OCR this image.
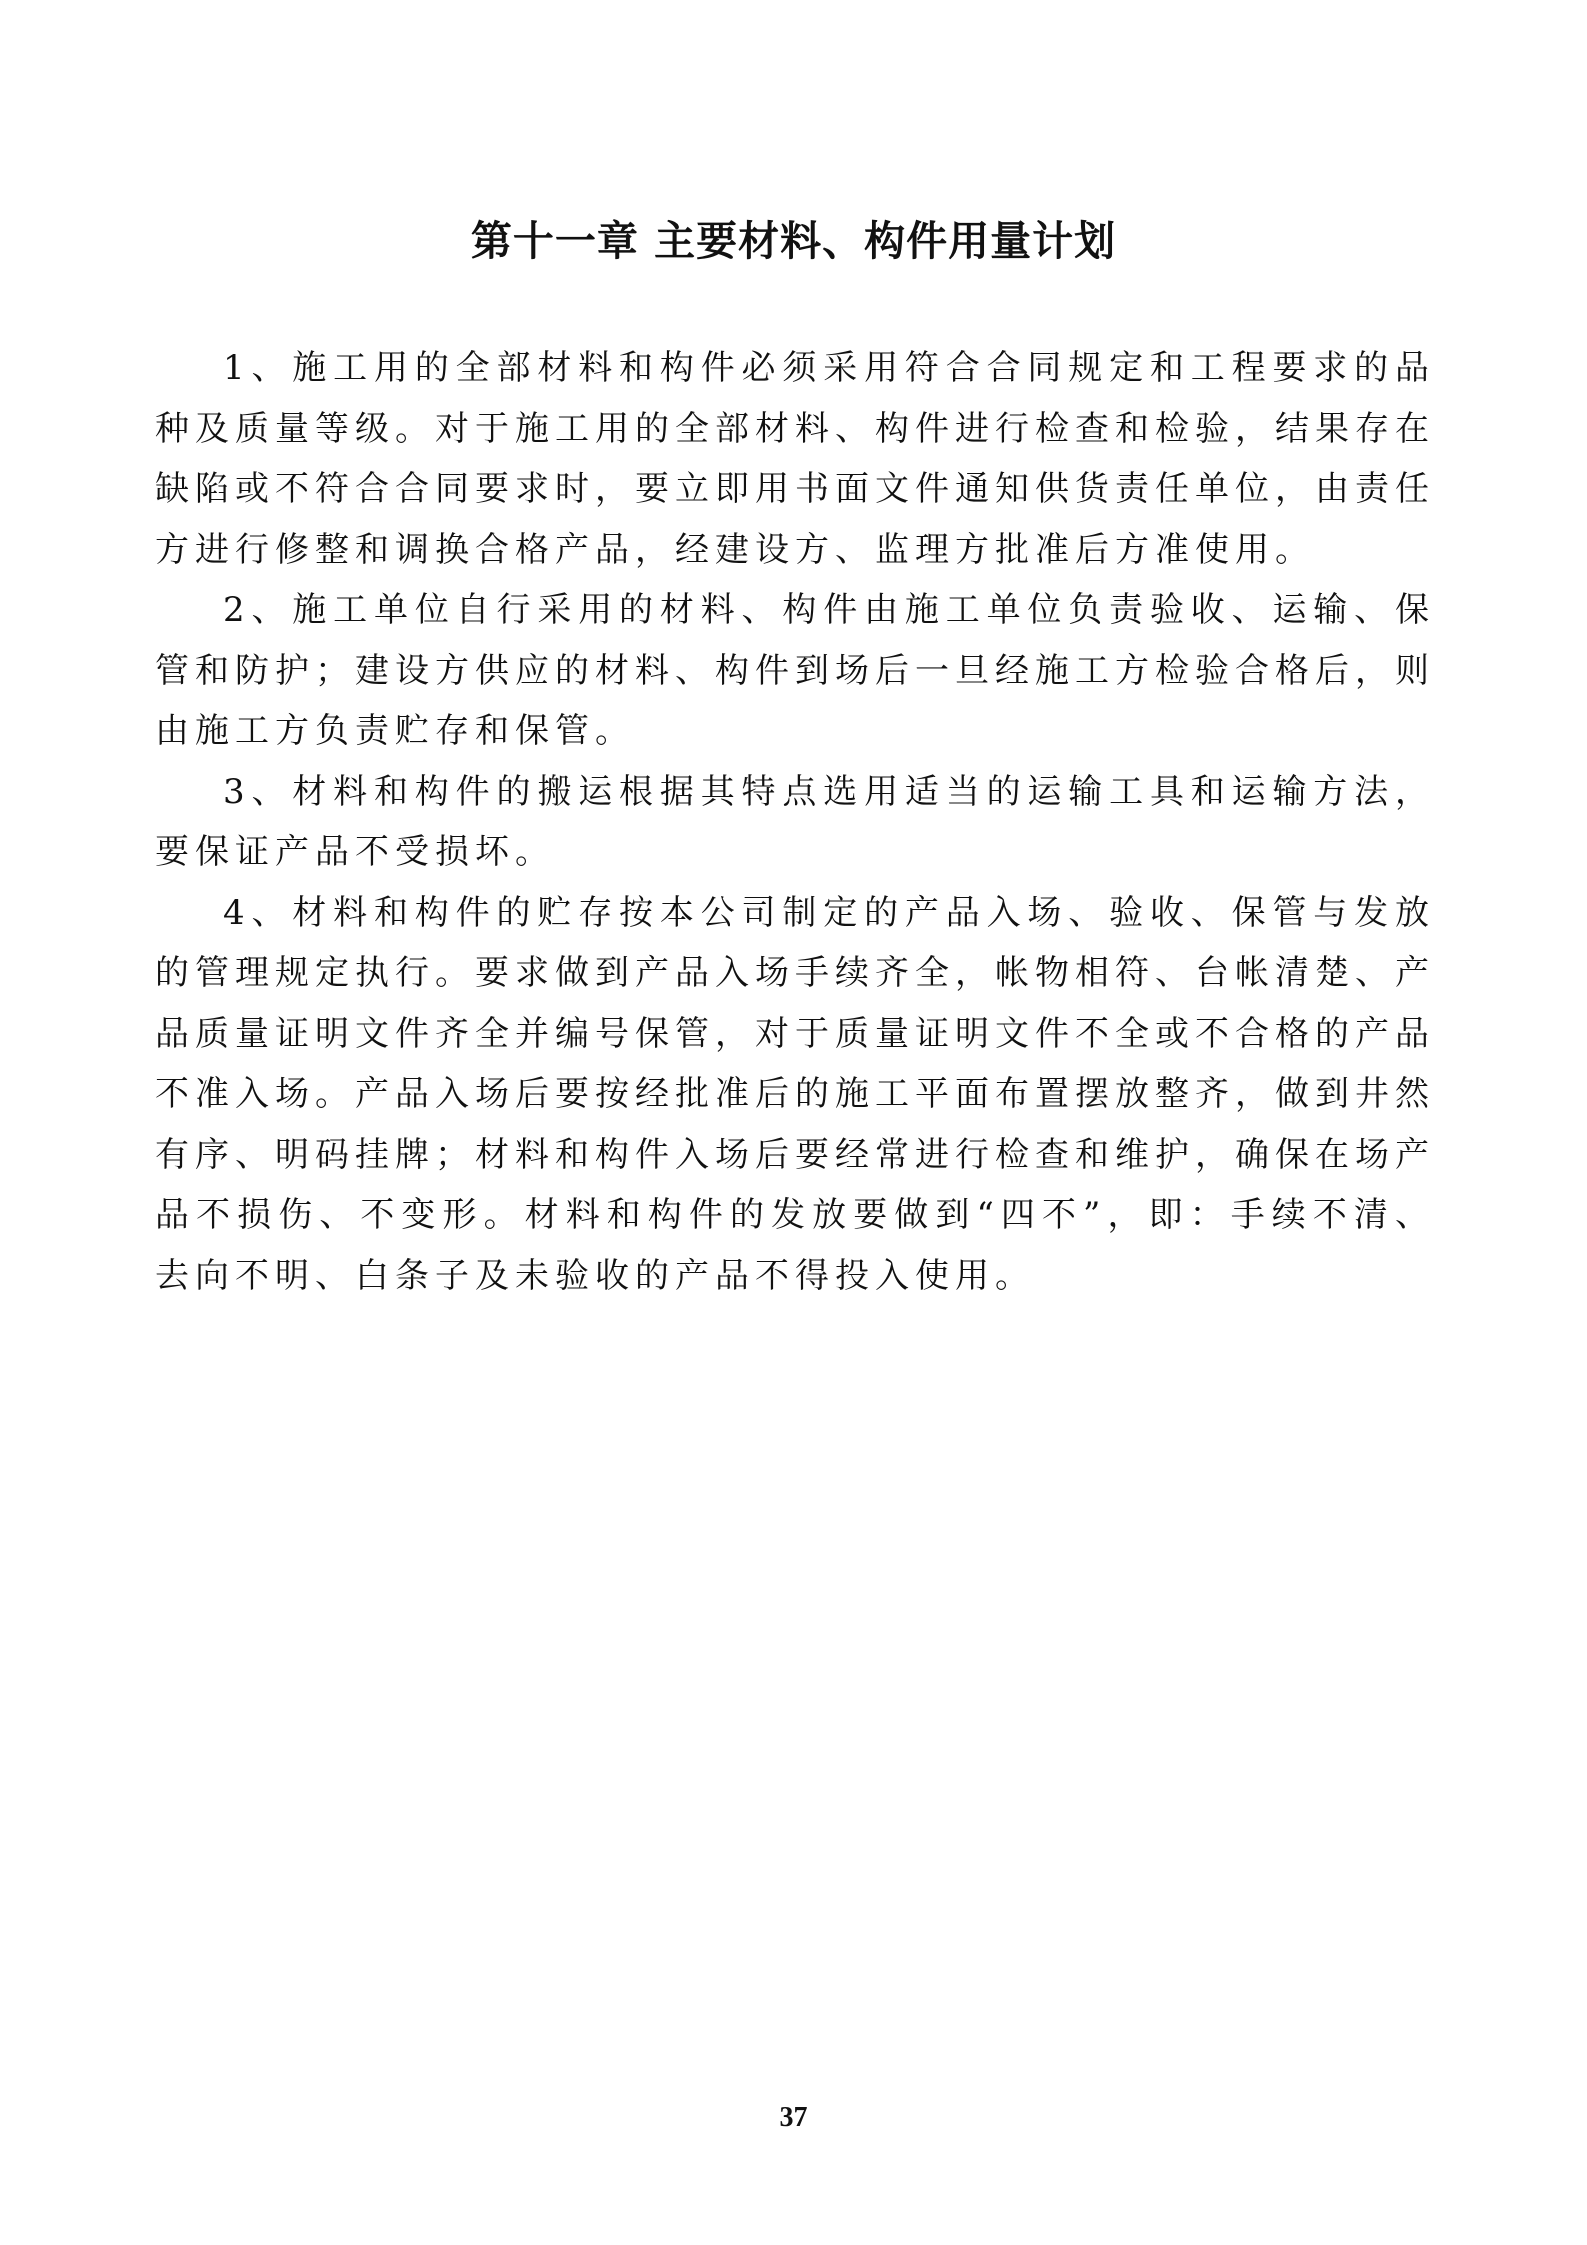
第十一章 主要材料、构件用量计划

1、施工用的全部材料和构件必须采用符合合同规定和工程要求的品种及质量等级。对于施工用的全部材料、构件进行检查和检验，结果存在缺陷或不符合合同要求时，要立即用书面文件通知供货责任单位，由责任方进行修整和调换合格产品，经建设方、监理方批准后方准使用。

2、施工单位自行采用的材料、构件由施工单位负责验收、运输、保管和防护；建设方供应的材料、构件到场后一旦经施工方检验合格后，则由施工方负责贮存和保管。

3、材料和构件的搬运根据其特点选用适当的运输工具和运输方法，要保证产品不受损坏。

4、材料和构件的贮存按本公司制定的产品入场、验收、保管与发放的管理规定执行。要求做到产品入场手续齐全，帐物相符、台帐清楚、产品质量证明文件齐全并编号保管，对于质量证明文件不全或不合格的产品不准入场。产品入场后要按经批准后的施工平面布置摆放整齐，做到井然有序、明码挂牌；材料和构件入场后要经常进行检查和维护，确保在场产品不损伤、不变形。材料和构件的发放要做到“四不”，即：手续不清、去向不明、白条子及未验收的产品不得投入使用。

37
